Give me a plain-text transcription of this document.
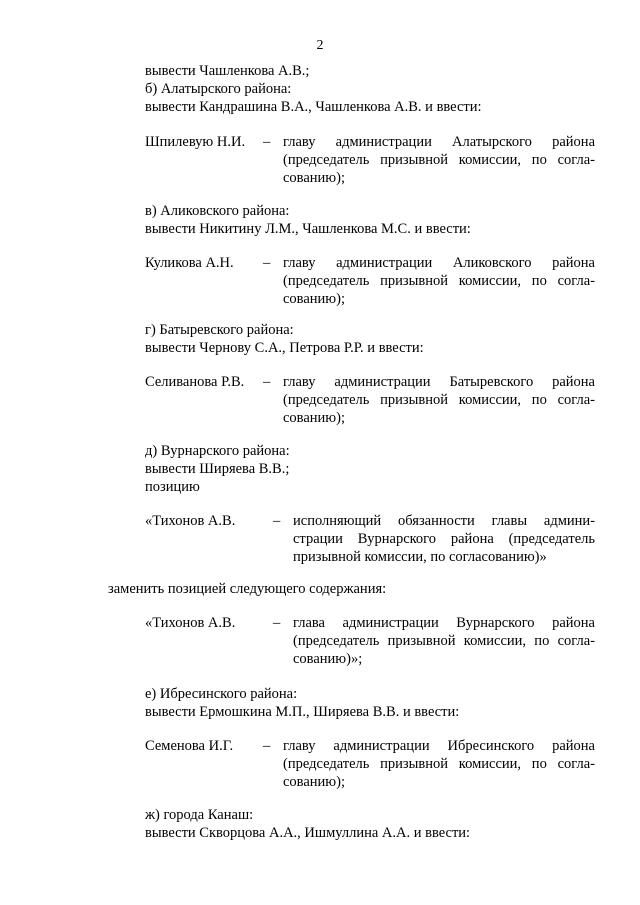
2
вывести Чашленкова А.В.;
б) Алатырского района:
вывести Кандрашина В.А., Чашленкова А.В. и ввести:
Шпилевую Н.И. – главу администрации Алатырского района (председатель призывной комиссии, по согла-сованию);
в) Аликовского района:
вывести Никитину Л.М., Чашленкова М.С. и ввести:
Куликова А.Н. – главу администрации Аликовского района (председатель призывной комиссии, по согла-сованию);
г) Батыревского района:
вывести Чернову С.А., Петрова Р.Р. и ввести:
Селиванова Р.В. – главу администрации Батыревского района (председатель призывной комиссии, по согла-сованию);
д) Вурнарского района:
вывести Ширяева В.В.;
позицию
«Тихонов А.В.	– исполняющий обязанности главы админи-страции Вурнарского района (председатель призывной комиссии, по согласованию)»
заменить позицией следующего содержания:
«Тихонов А.В.	– глава администрации Вурнарского района (председатель призывной комиссии, по согла-сованию)»;
е) Ибресинского района:
вывести Ермошкина М.П., Ширяева В.В. и ввести:
Семенова И.Г. – главу администрации Ибресинского района (председатель призывной комиссии, по согла-сованию);
ж) города Канаш:
вывести Скворцова А.А., Ишмуллина А.А. и ввести:
